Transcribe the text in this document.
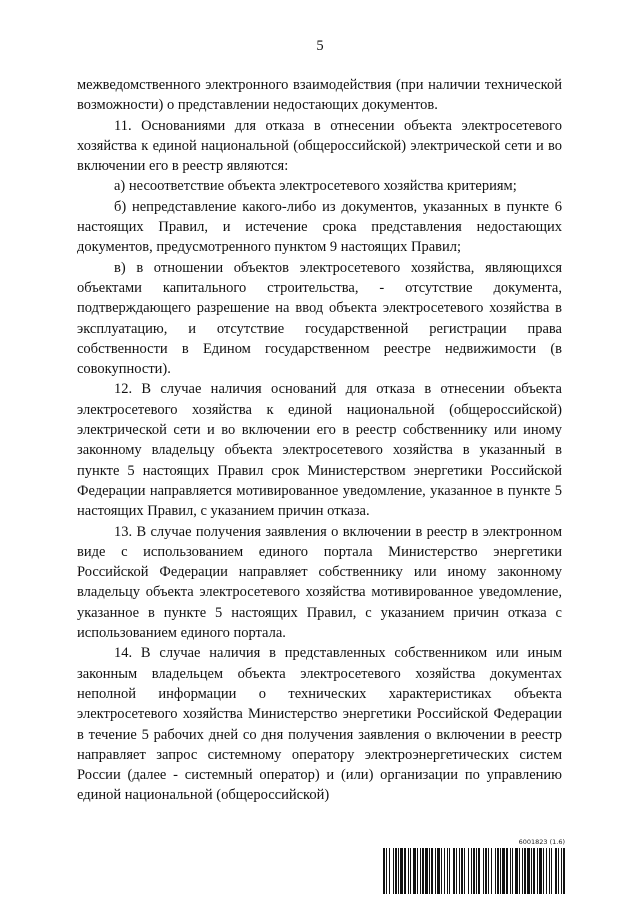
5

межведомственного электронного взаимодействия (при наличии технической возможности) о представлении недостающих документов.

11. Основаниями для отказа в отнесении объекта электросетевого хозяйства к единой национальной (общероссийской) электрической сети и во включении его в реестр являются:

а) несоответствие объекта электросетевого хозяйства критериям;

б) непредставление какого-либо из документов, указанных в пункте 6 настоящих Правил, и истечение срока представления недостающих документов, предусмотренного пунктом 9 настоящих Правил;

в) в отношении объектов электросетевого хозяйства, являющихся объектами капитального строительства, - отсутствие документа, подтверждающего разрешение на ввод объекта электросетевого хозяйства в эксплуатацию, и отсутствие государственной регистрации права собственности в Едином государственном реестре недвижимости (в совокупности).

12. В случае наличия оснований для отказа в отнесении объекта электросетевого хозяйства к единой национальной (общероссийской) электрической сети и во включении его в реестр собственнику или иному законному владельцу объекта электросетевого хозяйства в указанный в пункте 5 настоящих Правил срок Министерством энергетики Российской Федерации направляется мотивированное уведомление, указанное в пункте 5 настоящих Правил, с указанием причин отказа.

13. В случае получения заявления о включении в реестр в электронном виде с использованием единого портала Министерство энергетики Российской Федерации направляет собственнику или иному законному владельцу объекта электросетевого хозяйства мотивированное уведомление, указанное в пункте 5 настоящих Правил, с указанием причин отказа с использованием единого портала.

14. В случае наличия в представленных собственником или иным законным владельцем объекта электросетевого хозяйства документах неполной информации о технических характеристиках объекта электросетевого хозяйства Министерство энергетики Российской Федерации в течение 5 рабочих дней со дня получения заявления о включении в реестр направляет запрос системному оператору электроэнергетических систем России (далее - системный оператор) и (или) организации по управлению единой национальной (общероссийской)

6001823 (1.6)
